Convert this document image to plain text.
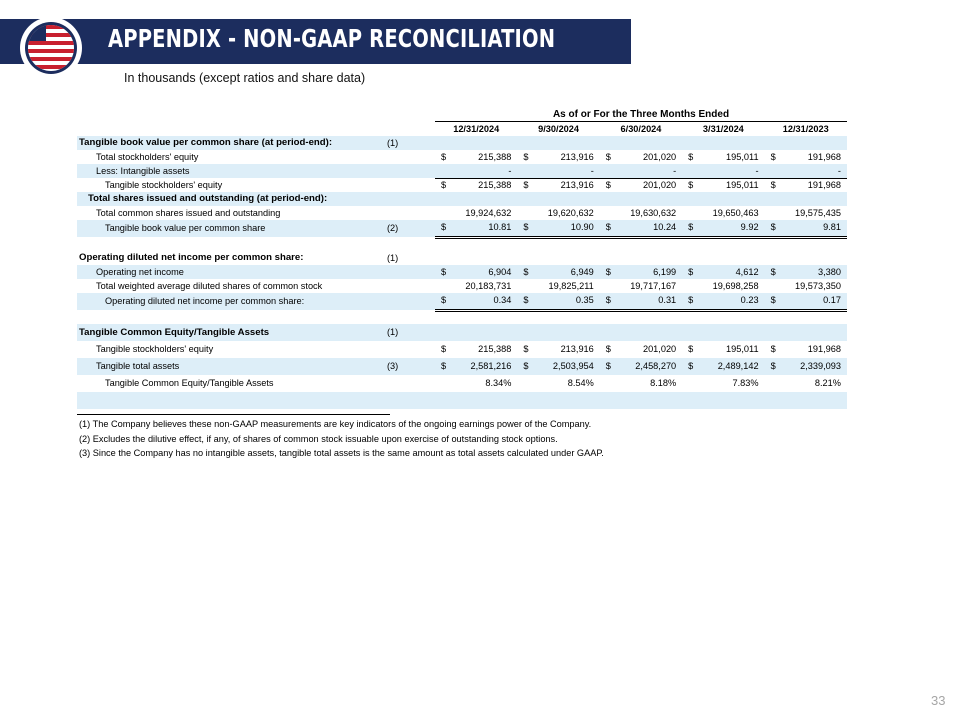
APPENDIX - NON-GAAP RECONCILIATION
In thousands (except ratios and share data)
As of or For the Three Months Ended
12/31/2024	9/30/2024	6/30/2024	3/31/2024	12/31/2023
Tangible book value per common share (at period-end):	(1)
Total stockholders' equity	$	215,388 $	213,916 $	201,020 $	195,011 $	191,968
Less: Intangible assets	-	-	-	-	-
Tangible stockholders' equity	$	215,388 $	213,916 $	201,020 $	195,011 $	191,968
Total shares issued and outstanding (at period-end):
Total common shares issued and outstanding	19,924,632	19,620,632	19,630,632	19,650,463	19,575,435
Tangible book value per common share	(2)	$	10.81 $	10.90 $	10.24 $	9.92 $	9.81
Operating diluted net income per common share:	(1)
Operating net income	$	6,904 $	6,949 $	6,199 $	4,612 $	3,380
Total weighted average diluted shares of common stock	20,183,731	19,825,211	19,717,167	19,698,258	19,573,350
Operating diluted net income per common share:	$	0.34 $	0.35 $	0.31 $	0.23 $	0.17
Tangible Common Equity/Tangible Assets	(1)
Tangible stockholders' equity	$	215,388 $	213,916 $	201,020 $	195,011 $	191,968
Tangible total assets	(3)	$	2,581,216 $	2,503,954 $	2,458,270 $	2,489,142 $	2,339,093
Tangible Common Equity/Tangible Assets	8.34%	8.54%	8.18%	7.83%	8.21%
(1) The Company believes these non-GAAP measurements are key indicators of the ongoing earnings power of the Company.
(2) Excludes the dilutive effect, if any, of shares of common stock issuable upon exercise of outstanding stock options.
(3) Since the Company has no intangible assets, tangible total assets is the same amount as total assets calculated under GAAP.
33
